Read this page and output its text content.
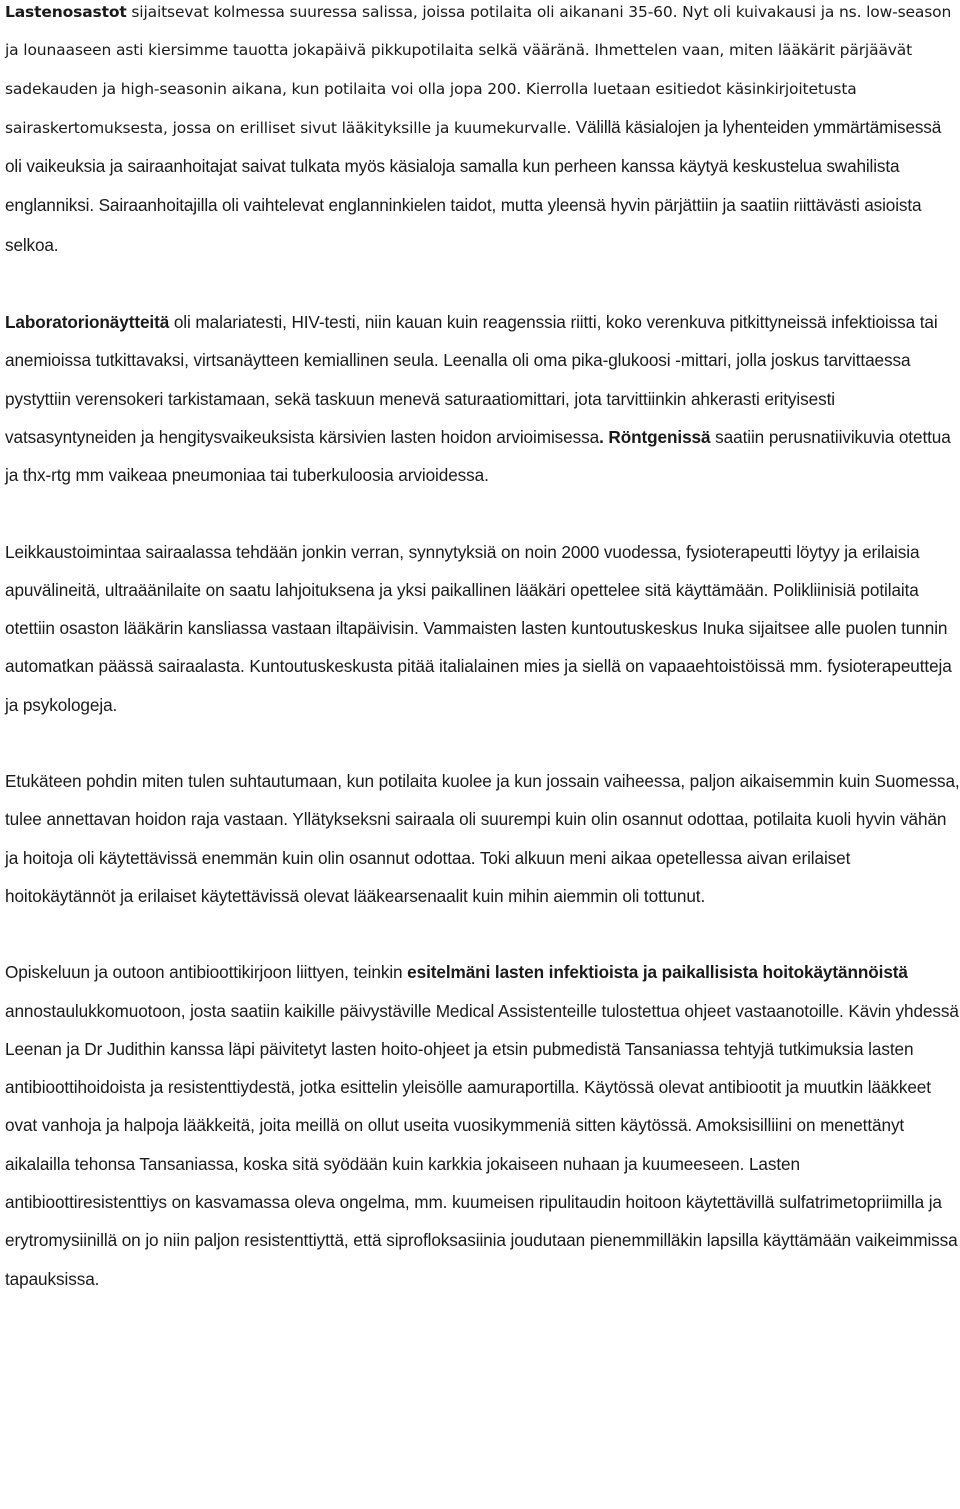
Lastenosastot sijaitsevat kolmessa suuressa salissa, joissa potilaita oli aikanani 35-60. Nyt oli kuivakausi ja ns. low-season ja lounaaseen asti kiersimme tauotta jokapäivä pikkupotilaita selkä vääränä. Ihmettelen vaan, miten lääkärit pärjäävät sadekauden ja high-seasonin aikana, kun potilaita voi olla jopa 200. Kierrolla luetaan esitiedot käsinkirjoitetusta sairaskertomuksesta, jossa on erilliset sivut lääkityksille ja kuumekurvalle. Välillä käsialojen ja lyhenteiden ymmärtämisessä oli vaikeuksia ja sairaanhoitajat saivat tulkata myös käsialoja samalla kun perheen kanssa käytyä keskustelua swahilista englanniksi. Sairaanhoitajilla oli vaihtelevat englanninkielen taidot, mutta yleensä hyvin pärjättiin ja saatiin riittävästi asioista selkoa.

Laboratorionäytteitä oli malariatesti, HIV-testi, niin kauan kuin reagenssia riitti, koko verenkuva pitkittyneissä infektioissa tai anemioissa tutkittavaksi, virtsanäytteen kemiallinen seula. Leenalla oli oma pika-glukoosi -mittari, jolla joskus tarvittaessa pystyttiin verensokeri tarkistamaan, sekä taskuun menevä saturaatiomittari, jota tarvittiinkin ahkerasti erityisesti vatsasyntyneiden ja hengitysvaikeuksista kärsivien lasten hoidon arvioimisessa. Röntgenissä saatiin perusnatiivikuvia otettua ja thx-rtg mm vaikeaa pneumoniaa tai tuberkuloosia arvioidessa.

Leikkaustoimintaa sairaalassa tehdään jonkin verran, synnytyksiä on noin 2000 vuodessa, fysioterapeutti löytyy ja erilaisia apuvälineitä, ultraäänilaite on saatu lahjoituksena ja yksi paikallinen lääkäri opettelee sitä käyttämään. Polikliinisiä potilaita otettiin osaston lääkärin kansliassa vastaan iltapäivisin. Vammaisten lasten kuntoutuskeskus Inuka sijaitsee alle puolen tunnin automatkan päässä sairaalasta. Kuntoutuskeskusta pitää italialainen mies ja siellä on vapaaehtoistöissä mm. fysioterapeutteja ja psykologeja.

Etukäteen pohdin miten tulen suhtautumaan, kun potilaita kuolee ja kun jossain vaiheessa, paljon aikaisemmin kuin Suomessa, tulee annettavan hoidon raja vastaan. Yllätykseksni sairaala oli suurempi kuin olin osannut odottaa, potilaita kuoli hyvin vähän ja hoitoja oli käytettävissä enemmän kuin olin osannut odottaa. Toki alkuun meni aikaa opetellessa aivan erilaiset hoitokäytännöt ja erilaiset käytettävissä olevat lääkearsenaalit kuin mihin aiemmin oli tottunut.

Opiskeluun ja outoon antibioottikirjoon liittyen, teinkin esitelmäni lasten infektioista ja paikallisista hoitokäytännöistä annostaulukkomuotoon, josta saatiin kaikille päivystäville Medical Assistenteille tulostettua ohjeet vastaanotoille. Kävin yhdessä Leenan ja Dr Judithin kanssa läpi päivitetyt lasten hoito-ohjeet ja etsin pubmedistä Tansaniassa tehtyjä tutkimuksia lasten antibioottihoidoista ja resistenttiydestä, jotka esittelin yleisölle aamuraportilla. Käytössä olevat antibiootit ja muutkin lääkkeet ovat vanhoja ja halpoja lääkkeitä, joita meillä on ollut useita vuosikymmeniä sitten käytössä. Amoksisilliini on menettänyt aikalailla tehonsa Tansaniassa, koska sitä syödään kuin karkkia jokaiseen nuhaan ja kuumeeseen. Lasten antibioottiresistenttiys on kasvamassa oleva ongelma, mm. kuumeisen ripulitaudin hoitoon käytettävillä sulfatrimetopriimilla ja erytromysiinillä on jo niin paljon resistenttiyttä, että siprofloksasiinia joudutaan pienemmilläkin lapsilla käyttämään vaikeimmissa tapauksissa.
